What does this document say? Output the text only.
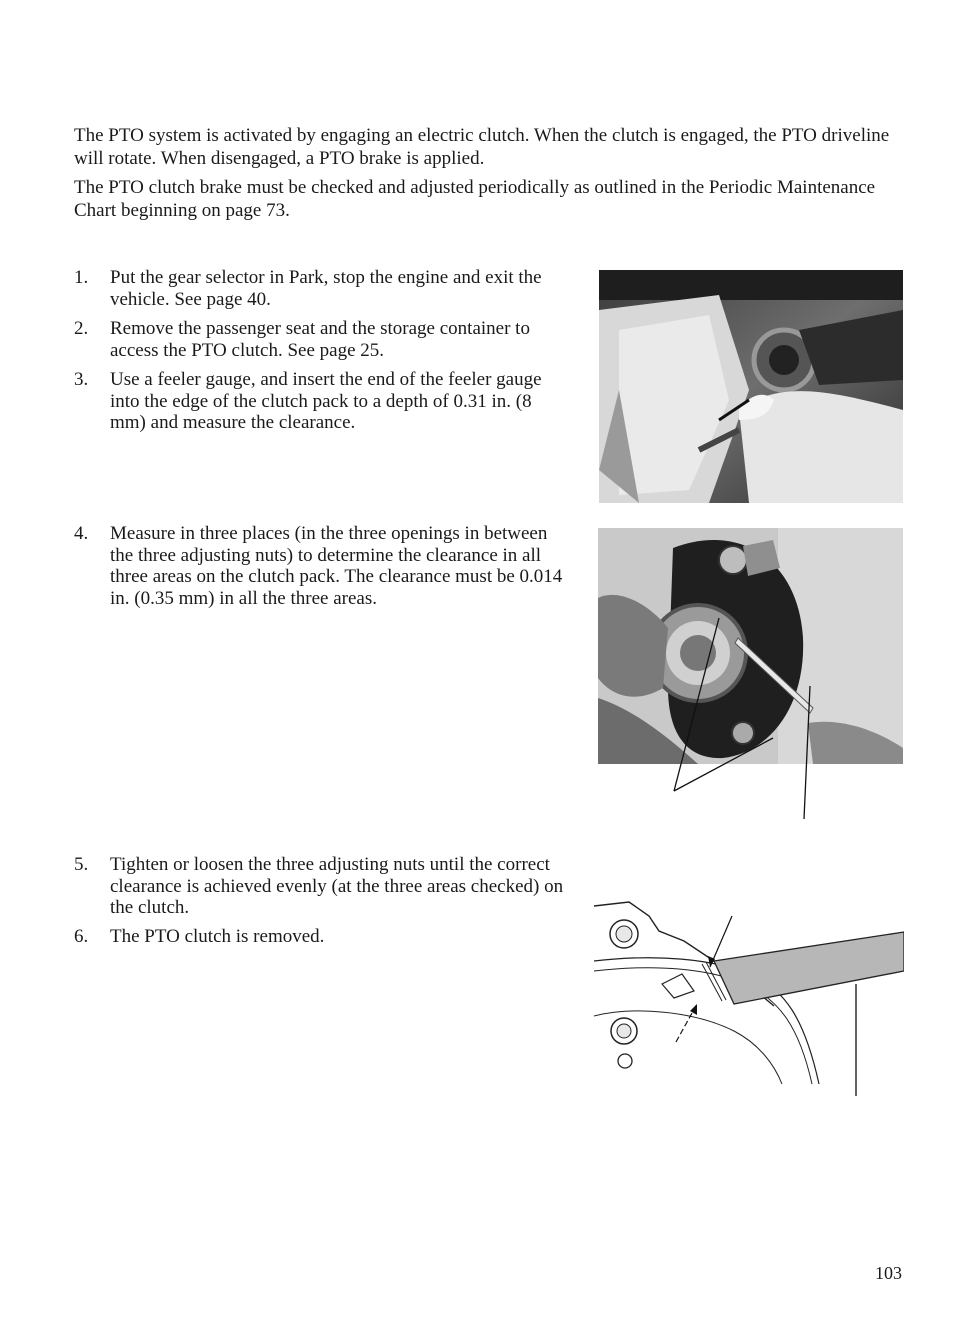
The PTO system is activated by engaging an electric clutch. When the clutch is engaged, the PTO driveline will rotate. When disengaged, a PTO brake is applied.

The PTO clutch brake must be checked and adjusted periodically as outlined in the Periodic Maintenance Chart beginning on page 73.

1.	Put the gear selector in Park, stop the engine and exit the vehicle. See page 40.
2.	Remove the passenger seat and the storage container to access the PTO clutch. See page 25.
3.	Use a feeler gauge, and insert the end of the feeler gauge into the edge of the clutch pack to a depth of 0.31 in. (8 mm) and measure the clearance.
4.	Measure in three places (in the three openings in between the three adjusting nuts) to determine the clearance in all three areas on the clutch pack. The clearance must be 0.014 in. (0.35 mm) in all the three areas.
5.	Tighten or loosen the three adjusting nuts until the correct clearance is achieved evenly (at the three areas checked) on the clutch.
6.	The PTO clutch is removed.
103
